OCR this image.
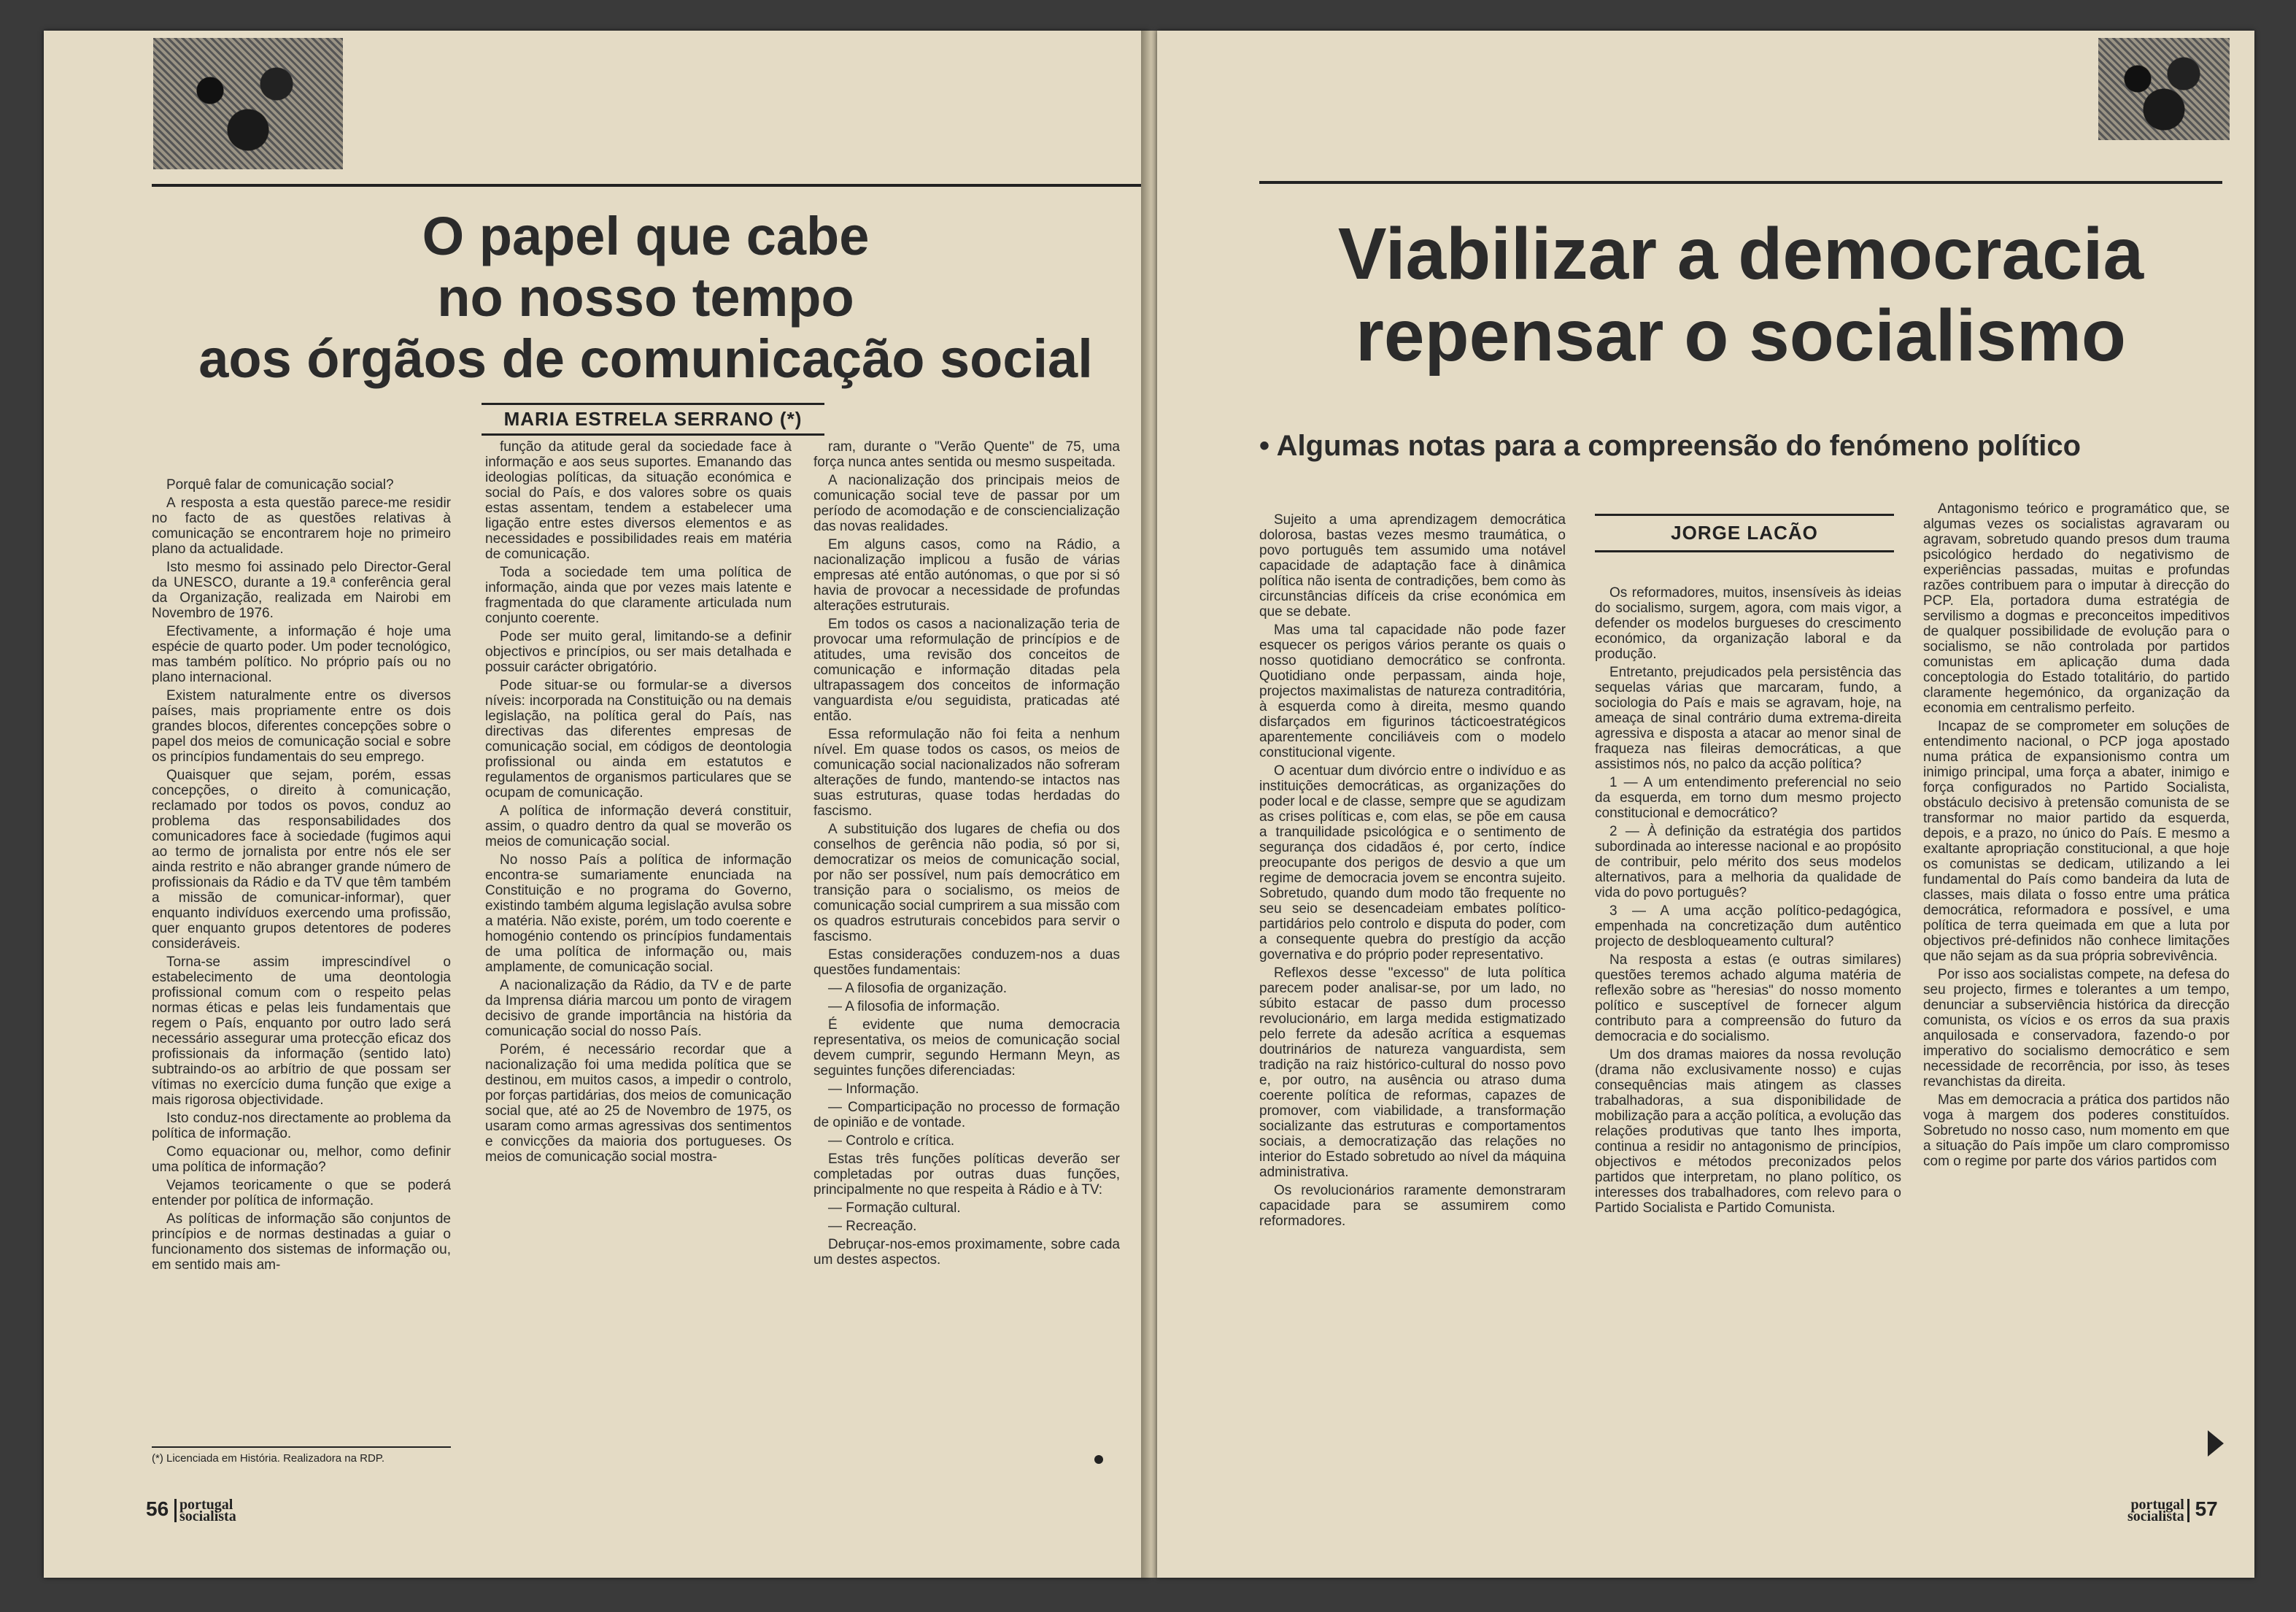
O papel que cabe
no nosso tempo
aos órgãos de comunicação social
MARIA ESTRELA SERRANO (*)

Porquê falar de comunicação social?

A resposta a esta questão parece-me residir no facto de as questões relativas à comunicação se encontrarem hoje no primeiro plano da actualidade.

Isto mesmo foi assinado pelo Director-Geral da UNESCO, durante a 19.ª conferência geral da Organização, realizada em Nairobi em Novembro de 1976.

Efectivamente, a informação é hoje uma espécie de quarto poder. Um poder tecnológico, mas também político. No próprio país ou no plano internacional.

Existem naturalmente entre os diversos países, mais propriamente entre os dois grandes blocos, diferentes concepções sobre o papel dos meios de comunicação social e sobre os princípios fundamentais do seu emprego.

Quaisquer que sejam, porém, essas concepções, o direito à comunicação, reclamado por todos os povos, conduz ao problema das responsabilidades dos comunicadores face à sociedade (fugimos aqui ao termo de jornalista por entre nós ele ser ainda restrito e não abranger grande número de profissionais da Rádio e da TV que têm também a missão de comunicar-informar), quer enquanto indivíduos exercendo uma profissão, quer enquanto grupos detentores de poderes consideráveis.

Torna-se assim imprescindível o estabelecimento de uma deontologia profissional comum com o respeito pelas normas éticas e pelas leis fundamentais que regem o País, enquanto por outro lado será necessário assegurar uma protecção eficaz dos profissionais da informação (sentido lato) subtraindo-os ao arbítrio de que possam ser vítimas no exercício duma função que exige a mais rigorosa objectividade.

Isto conduz-nos directamente ao problema da política de informação.

Como equacionar ou, melhor, como definir uma política de informação?

Vejamos teoricamente o que se poderá entender por política de informação.

As políticas de informação são conjuntos de princípios e de normas destinadas a guiar o funcionamento dos sistemas de informação ou, em sentido mais am-

função da atitude geral da sociedade face à informação e aos seus suportes. Emanando das ideologias políticas, da situação económica e social do País, e dos valores sobre os quais estas assentam, tendem a estabelecer uma ligação entre estes diversos elementos e as necessidades e possibilidades reais em matéria de comunicação.

Toda a sociedade tem uma política de informação, ainda que por vezes mais latente e fragmentada do que claramente articulada num conjunto coerente.

Pode ser muito geral, limitando-se a definir objectivos e princípios, ou ser mais detalhada e possuir carácter obrigatório.

Pode situar-se ou formular-se a diversos níveis: incorporada na Constituição ou na demais legislação, na política geral do País, nas directivas das diferentes empresas de comunicação social, em códigos de deontologia profissional ou ainda em estatutos e regulamentos de organismos particulares que se ocupam de comunicação.

A política de informação deverá constituir, assim, o quadro dentro da qual se moverão os meios de comunicação social.

No nosso País a política de informação encontra-se sumariamente enunciada na Constituição e no programa do Governo, existindo também alguma legislação avulsa sobre a matéria. Não existe, porém, um todo coerente e homogénio contendo os princípios fundamentais de uma política de informação ou, mais amplamente, de comunicação social.

A nacionalização da Rádio, da TV e de parte da Imprensa diária marcou um ponto de viragem decisivo de grande importância na história da comunicação social do nosso País.

Porém, é necessário recordar que a nacionalização foi uma medida política que se destinou, em muitos casos, a impedir o controlo, por forças partidárias, dos meios de comunicação social que, até ao 25 de Novembro de 1975, os usaram como armas agressivas dos sentimentos e convicções da maioria dos portugueses. Os meios de comunicação social mostra-

ram, durante o "Verão Quente" de 75, uma força nunca antes sentida ou mesmo suspeitada.

A nacionalização dos principais meios de comunicação social teve de passar por um período de acomodação e de consciencialização das novas realidades.

Em alguns casos, como na Rádio, a nacionalização implicou a fusão de várias empresas até então autónomas, o que por si só havia de provocar a necessidade de profundas alterações estruturais.

Em todos os casos a nacionalização teria de provocar uma reformulação de princípios e de atitudes, uma revisão dos conceitos de comunicação e informação ditadas pela ultrapassagem dos conceitos de informação vanguardista e/ou seguidista, praticadas até então.

Essa reformulação não foi feita a nenhum nível. Em quase todos os casos, os meios de comunicação social nacionalizados não sofreram alterações de fundo, mantendo-se intactos nas suas estruturas, quase todas herdadas do fascismo.

A substituição dos lugares de chefia ou dos conselhos de gerência não podia, só por si, democratizar os meios de comunicação social, por não ser possível, num país democrático em transição para o socialismo, os meios de comunicação social cumprirem a sua missão com os quadros estruturais concebidos para servir o fascismo.

Estas considerações conduzem-nos a duas questões fundamentais:

— A filosofia de organização.

— A filosofia de informação.

É evidente que numa democracia representativa, os meios de comunicação social devem cumprir, segundo Hermann Meyn, as seguintes funções diferenciadas:

— Informação.

— Comparticipação no processo de formação de opinião e de vontade.

— Controlo e crítica.

Estas três funções políticas deverão ser completadas por outras duas funções, principalmente no que respeita à Rádio e à TV:

— Formação cultural.

— Recreação.

Debruçar-nos-emos proximamente, sobre cada um destes aspectos.

(*) Licenciada em História. Realizadora na RDP.
56 portugal
socialista
Viabilizar a democracia
repensar o socialismo
• Algumas notas para a compreensão do fenómeno político

Sujeito a uma aprendizagem democrática dolorosa, bastas vezes mesmo traumática, o povo português tem assumido uma notável capacidade de adaptação face à dinâmica política não isenta de contradições, bem como às circunstâncias difíceis da crise económica em que se debate.

Mas uma tal capacidade não pode fazer esquecer os perigos vários perante os quais o nosso quotidiano democrático se confronta. Quotidiano onde perpassam, ainda hoje, projectos maximalistas de natureza contraditória, à esquerda como à direita, mesmo quando disfarçados em figurinos tácticoestratégicos aparentemente conciliáveis com o modelo constitucional vigente.

O acentuar dum divórcio entre o indivíduo e as instituições democráticas, as organizações do poder local e de classe, sempre que se agudizam as crises políticas e, com elas, se põe em causa a tranquilidade psicológica e o sentimento de segurança dos cidadãos é, por certo, índice preocupante dos perigos de desvio a que um regime de democracia jovem se encontra sujeito. Sobretudo, quando dum modo tão frequente no seu seio se desencadeiam embates político-partidários pelo controlo e disputa do poder, com a consequente quebra do prestígio da acção governativa e do próprio poder representativo.

Reflexos desse "excesso" de luta política parecem poder analisar-se, por um lado, no súbito estacar de passo dum processo revolucionário, em larga medida estigmatizado pelo ferrete da adesão acrítica a esquemas doutrinários de natureza vanguardista, sem tradição na raiz histórico-cultural do nosso povo e, por outro, na ausência ou atraso duma coerente política de reformas, capazes de promover, com viabilidade, a transformação socializante das estruturas e comportamentos sociais, a democratização das relações no interior do Estado sobretudo ao nível da máquina administrativa.

Os revolucionários raramente demonstraram capacidade para se assumirem como reformadores.

JORGE LACÃO

Os reformadores, muitos, insensíveis às ideias do socialismo, surgem, agora, com mais vigor, a defender os modelos burgueses do crescimento económico, da organização laboral e da produção.

Entretanto, prejudicados pela persistência das sequelas várias que marcaram, fundo, a sociologia do País e mais se agravam, hoje, na ameaça de sinal contrário duma extrema-direita agressiva e disposta a atacar ao menor sinal de fraqueza nas fileiras democráticas, a que assistimos nós, no palco da acção política?

1 — A um entendimento preferencial no seio da esquerda, em torno dum mesmo projecto constitucional e democrático?

2 — À definição da estratégia dos partidos subordinada ao interesse nacional e ao propósito de contribuir, pelo mérito dos seus modelos alternativos, para a melhoria da qualidade de vida do povo português?

3 — A uma acção político-pedagógica, empenhada na concretização dum autêntico projecto de desbloqueamento cultural?

Na resposta a estas (e outras similares) questões teremos achado alguma matéria de reflexão sobre as "heresias" do nosso momento político e susceptível de fornecer algum contributo para a compreensão do futuro da democracia e do socialismo.

Um dos dramas maiores da nossa revolução (drama não exclusivamente nosso) e cujas consequências mais atingem as classes trabalhadoras, a sua disponibilidade de mobilização para a acção política, a evolução das relações produtivas que tanto lhes importa, continua a residir no antagonismo de princípios, objectivos e métodos preconizados pelos partidos que interpretam, no plano político, os interesses dos trabalhadores, com relevo para o Partido Socialista e Partido Comunista.

Antagonismo teórico e programático que, se algumas vezes os socialistas agravaram ou agravam, sobretudo quando presos dum trauma psicológico herdado do negativismo de experiências passadas, muitas e profundas razões contribuem para o imputar à direcção do PCP. Ela, portadora duma estratégia de servilismo a dogmas e preconceitos impeditivos de qualquer possibilidade de evolução para o socialismo, se não controlada por partidos comunistas em aplicação duma dada conceptologia do Estado totalitário, do partido claramente hegemónico, da organização da economia em centralismo perfeito.

Incapaz de se comprometer em soluções de entendimento nacional, o PCP joga apostado numa prática de expansionismo contra um inimigo principal, uma força a abater, inimigo e força configurados no Partido Socialista, obstáculo decisivo à pretensão comunista de se transformar no maior partido da esquerda, depois, e a prazo, no único do País. E mesmo a exaltante apropriação constitucional, a que hoje os comunistas se dedicam, utilizando a lei fundamental do País como bandeira da luta de classes, mais dilata o fosso entre uma prática democrática, reformadora e possível, e uma política de terra queimada em que a luta por objectivos pré-definidos não conhece limitações que não sejam as da sua própria sobrevivência.

Por isso aos socialistas compete, na defesa do seu projecto, firmes e tolerantes a um tempo, denunciar a subserviência histórica da direcção comunista, os vícios e os erros da sua praxis anquilosada e conservadora, fazendo-o por imperativo do socialismo democrático e sem necessidade de recorrência, por isso, às teses revanchistas da direita.

Mas em democracia a prática dos partidos não voga à margem dos poderes constituídos. Sobretudo no nosso caso, num momento em que a situação do País impõe um claro compromisso com o regime por parte dos vários partidos com

portugal
socialista 57
